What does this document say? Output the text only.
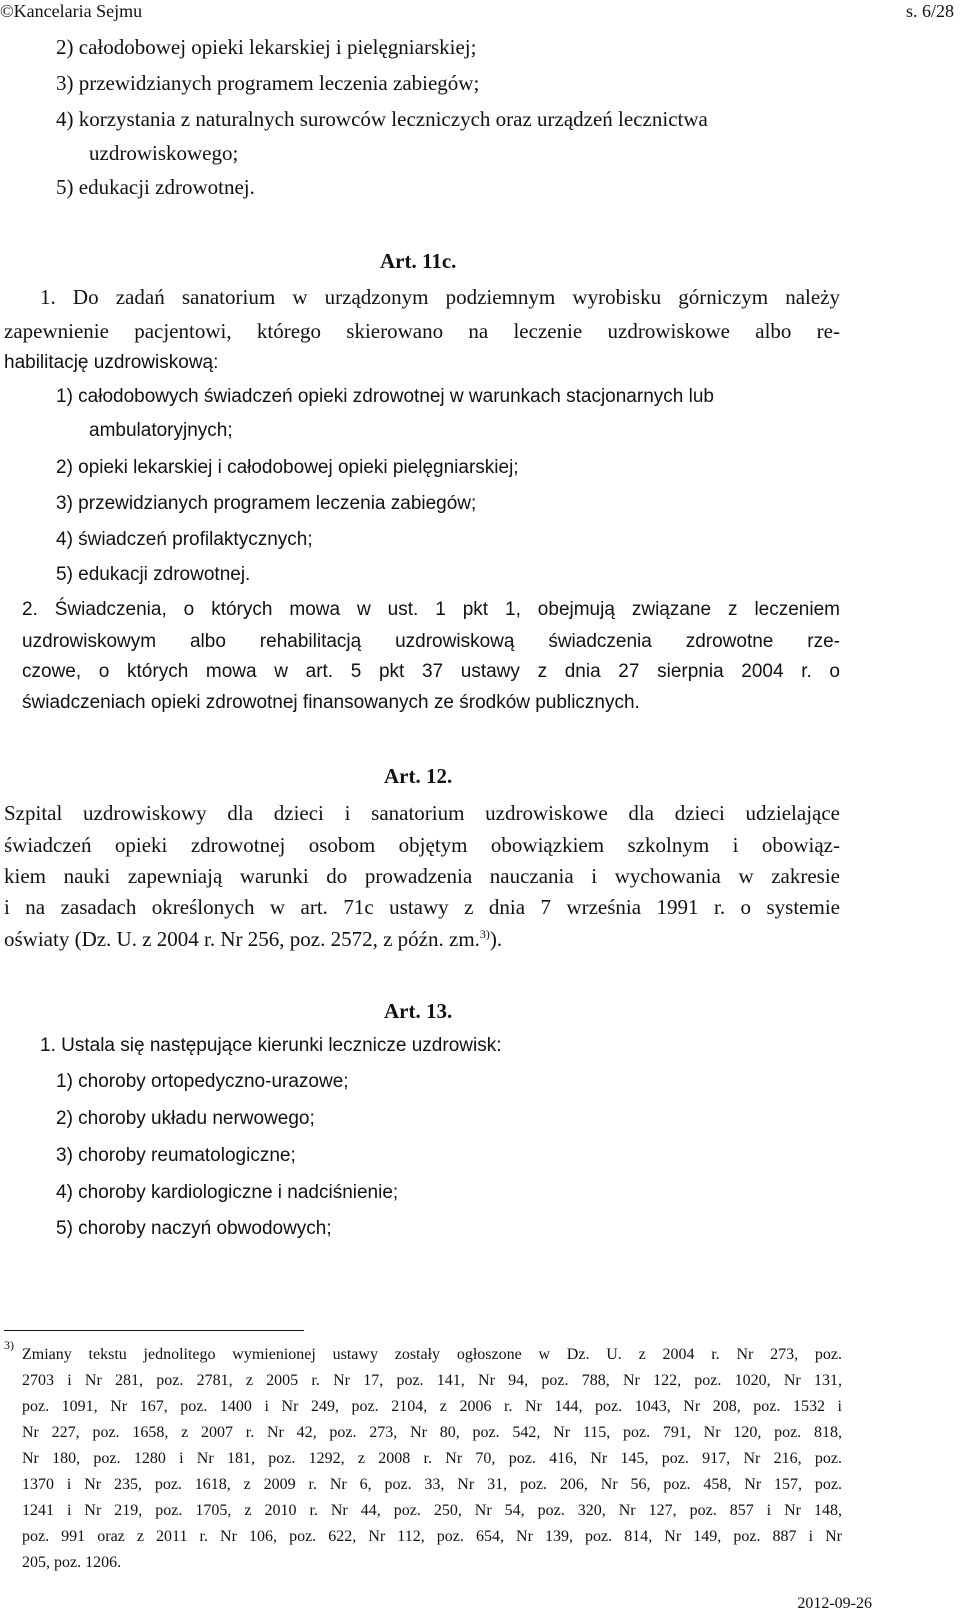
©Kancelaria Sejmu	s. 6/28
2) całodobowej opieki lekarskiej i pielęgniarskiej;
3) przewidzianych programem leczenia zabiegów;
4) korzystania z naturalnych surowców leczniczych oraz urządzeń lecznictwa
uzdrowiskowego;
5) edukacji zdrowotnej.
Art. 11c.
1. Do zadań sanatorium w urządzonym podziemnym wyrobisku górniczym należy
zapewnienie pacjentowi, którego skierowano na leczenie uzdrowiskowe albo re-
habilitację uzdrowiskową:
1) całodobowych świadczeń opieki zdrowotnej w warunkach stacjonarnych lub
ambulatoryjnych;
2) opieki lekarskiej i całodobowej opieki pielęgniarskiej;
3) przewidzianych programem leczenia zabiegów;
4) świadczeń profilaktycznych;
5) edukacji zdrowotnej.
2. Świadczenia, o których mowa w ust. 1 pkt 1, obejmują związane z leczeniem
uzdrowiskowym albo rehabilitacją uzdrowiskową świadczenia zdrowotne rze-
czowe, o których mowa w art. 5 pkt 37 ustawy z dnia 27 sierpnia 2004 r. o
świadczeniach opieki zdrowotnej finansowanych ze środków publicznych.
Art. 12.
Szpital uzdrowiskowy dla dzieci i sanatorium uzdrowiskowe dla dzieci udzielające
świadczeń opieki zdrowotnej osobom objętym obowiązkiem szkolnym i obowiąz-
kiem nauki zapewniają warunki do prowadzenia nauczania i wychowania w zakresie
i na zasadach określonych w art. 71c ustawy z dnia 7 września 1991 r. o systemie
oświaty (Dz. U. z 2004 r. Nr 256, poz. 2572, z późn. zm.$^{3)}$).
Art. 13.
1. Ustala się następujące kierunki lecznicze uzdrowisk:
1) choroby ortopedyczno-urazowe;
2) choroby układu nerwowego;
3) choroby reumatologiczne;
4) choroby kardiologiczne i nadciśnienie;
5) choroby naczyń obwodowych;
3)
Zmiany tekstu jednolitego wymienionej ustawy zostały ogłoszone w Dz. U. z 2004 r. Nr 273, poz.
2703 i Nr 281, poz. 2781, z 2005 r. Nr 17, poz. 141, Nr 94, poz. 788, Nr 122, poz. 1020, Nr 131,
poz. 1091, Nr 167, poz. 1400 i Nr 249, poz. 2104, z 2006 r. Nr 144, poz. 1043, Nr 208, poz. 1532 i
Nr 227, poz. 1658, z 2007 r. Nr 42, poz. 273, Nr 80, poz. 542, Nr 115, poz. 791, Nr 120, poz. 818,
Nr 180, poz. 1280 i Nr 181, poz. 1292, z 2008 r. Nr 70, poz. 416, Nr 145, poz. 917, Nr 216, poz.
1370 i Nr 235, poz. 1618, z 2009 r. Nr 6, poz. 33, Nr 31, poz. 206, Nr 56, poz. 458, Nr 157, poz.
1241 i Nr 219, poz. 1705, z 2010 r. Nr 44, poz. 250, Nr 54, poz. 320, Nr 127, poz. 857 i Nr 148,
poz. 991 oraz z 2011 r. Nr 106, poz. 622, Nr 112, poz. 654, Nr 139, poz. 814, Nr 149, poz. 887 i Nr
205, poz. 1206.
2012-09-26
